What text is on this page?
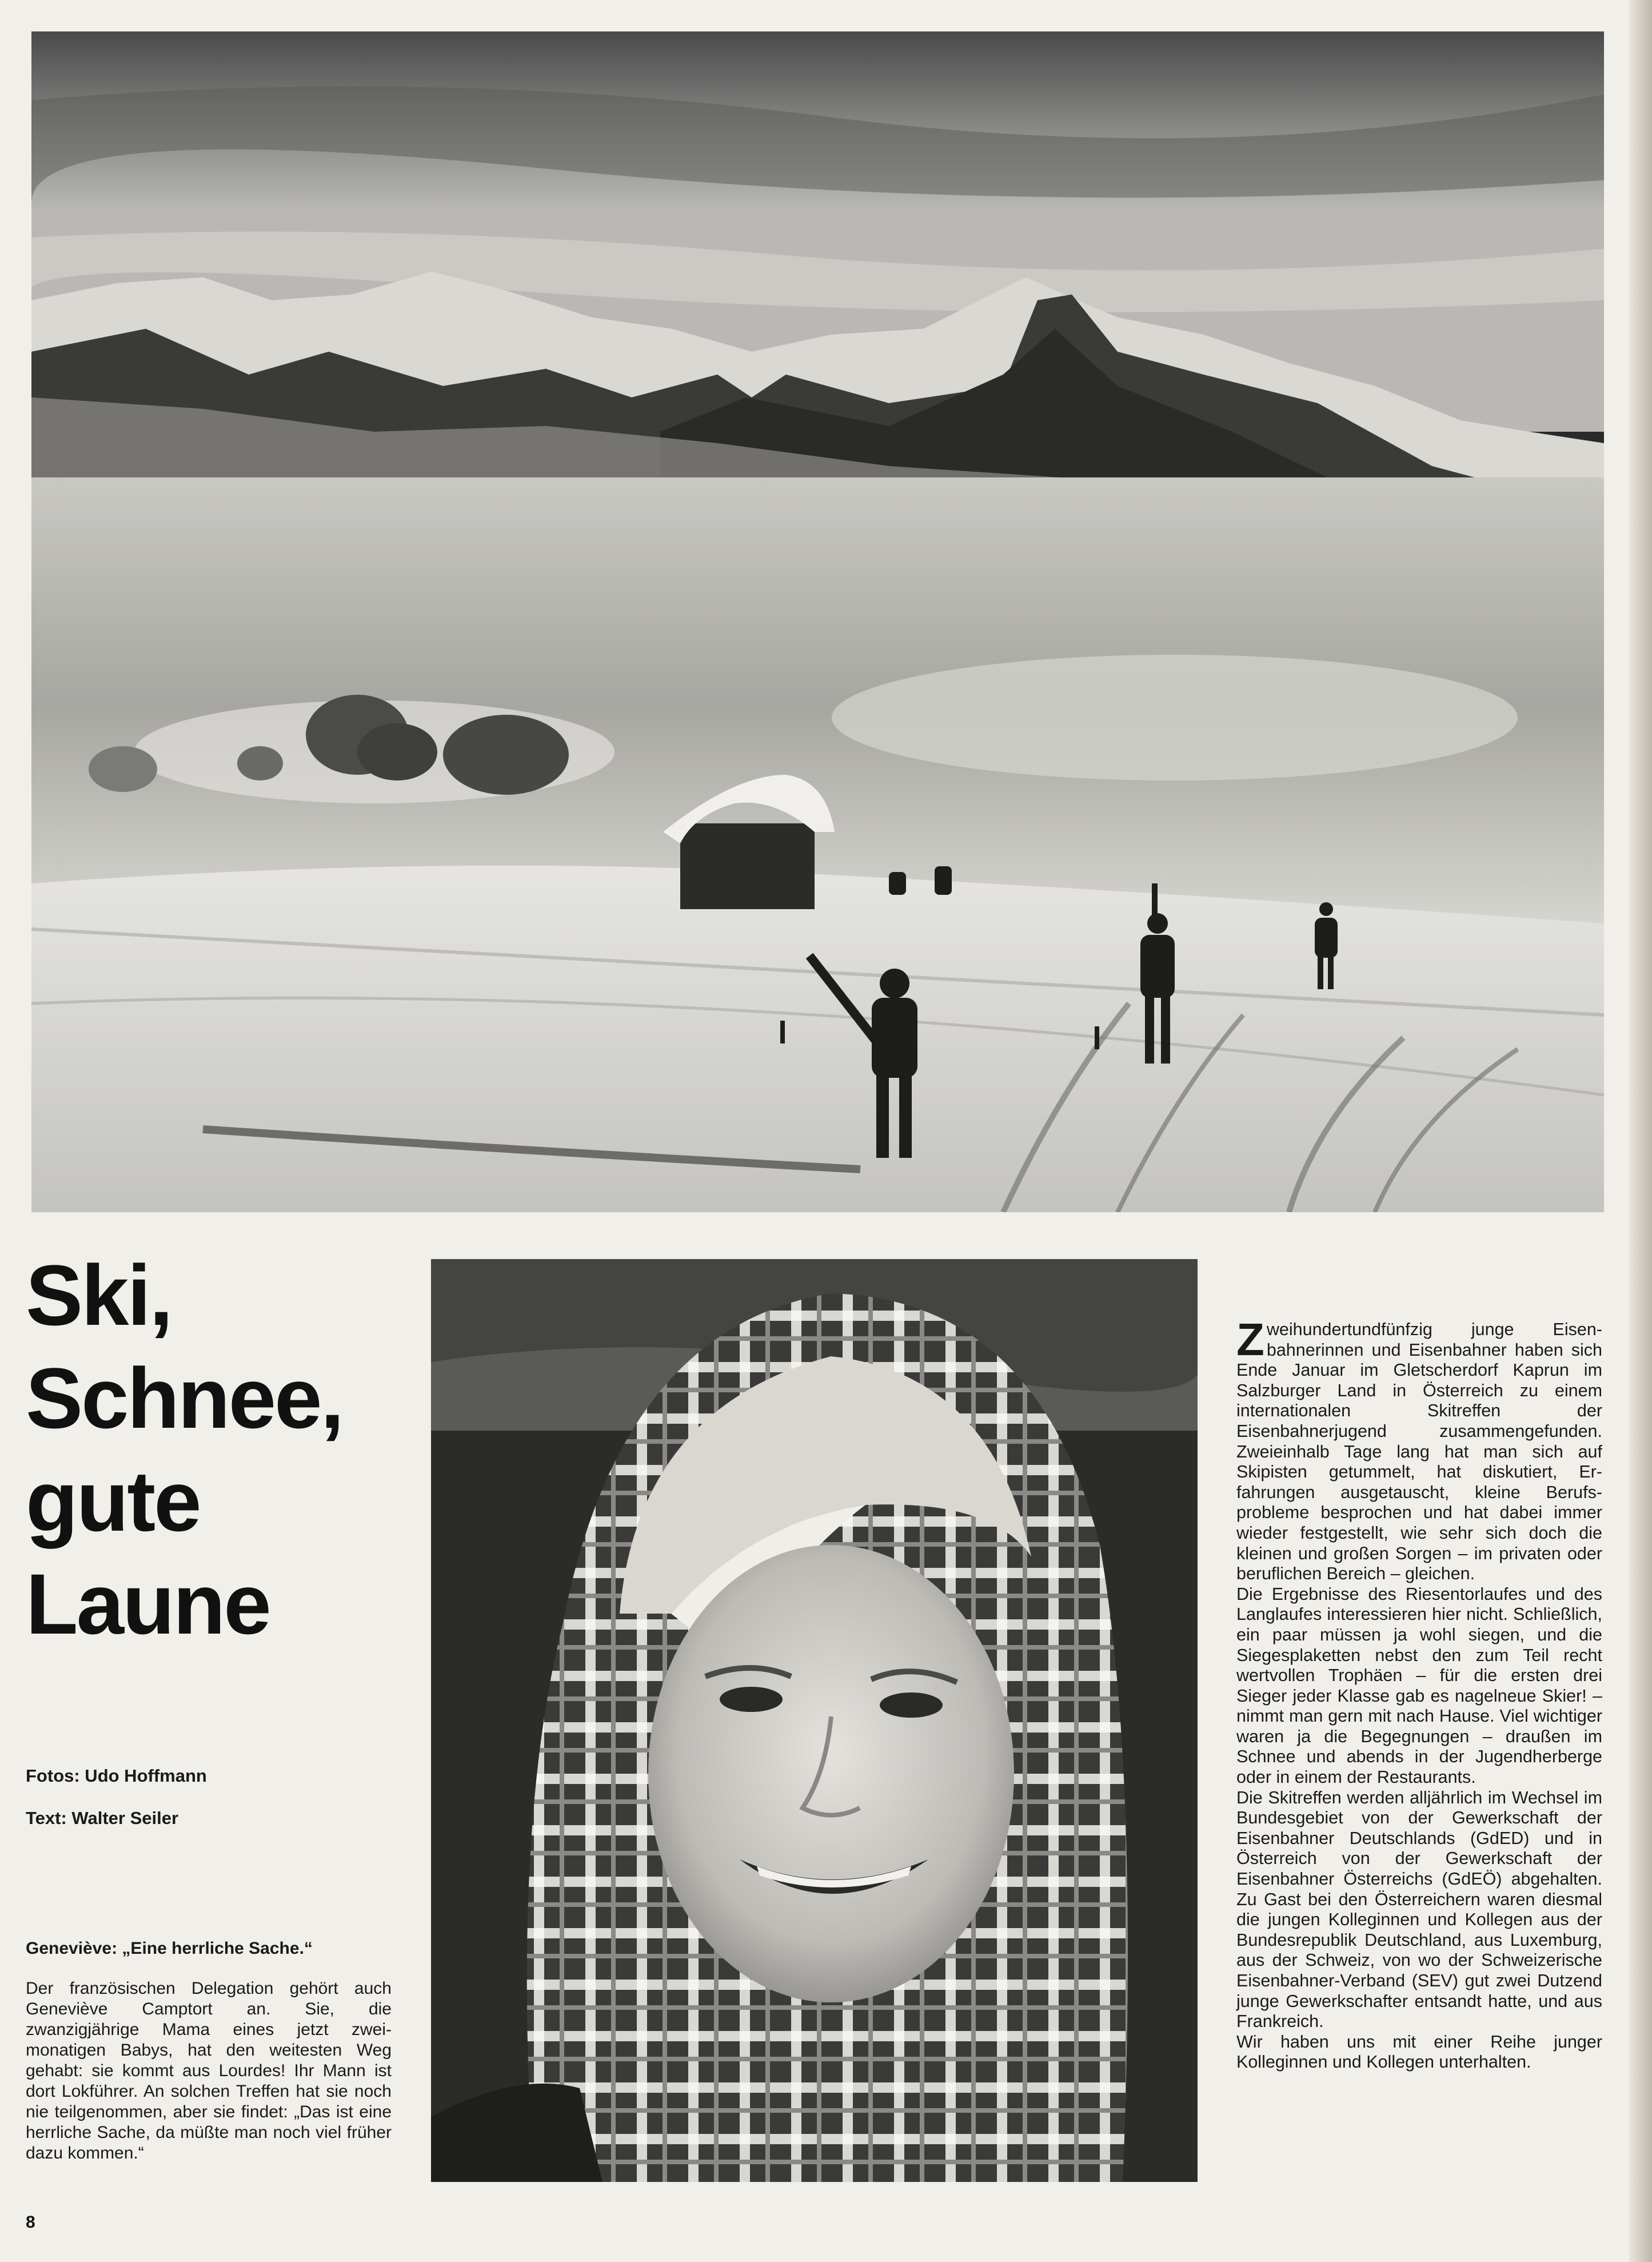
Ski,
Schnee,
gute
Laune
Fotos: Udo Hoffmann
Text: Walter Seiler
Geneviève: „Eine herrliche Sache.“
Der französischen Delegation gehört auch Geneviève Camptort an. Sie, die zwanzigjährige Mama eines jetzt zweimonatigen Babys, hat den weitesten Weg gehabt: sie kommt aus Lourdes! Ihr Mann ist dort Lokführer. An solchen Treffen hat sie noch nie teilgenommen, aber sie findet: „Das ist eine herrliche Sache, da müßte man noch viel früher dazu kommen.“

Zweihundertundfünfzig junge Eisenbahnerinnen und Eisenbahner haben sich Ende Januar im Gletscherdorf Kaprun im Salzburger Land in Österreich zu einem internationalen Skitreffen der Eisenbahnerjugend zusammengefunden. Zweieinhalb Tage lang hat man sich auf Skipisten getummelt, hat diskutiert, Erfahrungen ausgetauscht, kleine Berufsprobleme besprochen und hat dabei immer wieder festgestellt, wie sehr sich doch die kleinen und großen Sorgen – im privaten oder beruflichen Bereich – gleichen.

Die Ergebnisse des Riesentorlaufes und des Langlaufes interessieren hier nicht. Schließlich, ein paar müssen ja wohl siegen, und die Siegesplaketten nebst den zum Teil recht wertvollen Trophäen – für die ersten drei Sieger jeder Klasse gab es nagelneue Skier! – nimmt man gern mit nach Hause. Viel wichtiger waren ja die Begegnungen – draußen im Schnee und abends in der Jugendherberge oder in einem der Restaurants.

Die Skitreffen werden alljährlich im Wechsel im Bundesgebiet von der Gewerkschaft der Eisenbahner Deutschlands (GdED) und in Österreich von der Gewerkschaft der Eisenbahner Österreichs (GdEÖ) abgehalten. Zu Gast bei den Österreichern waren diesmal die jungen Kolleginnen und Kollegen aus der Bundesrepublik Deutschland, aus Luxemburg, aus der Schweiz, von wo der Schweizerische Eisenbahner-Verband (SEV) gut zwei Dutzend junge Gewerkschafter entsandt hatte, und aus Frankreich.

Wir haben uns mit einer Reihe junger Kolleginnen und Kollegen unterhalten.

8
